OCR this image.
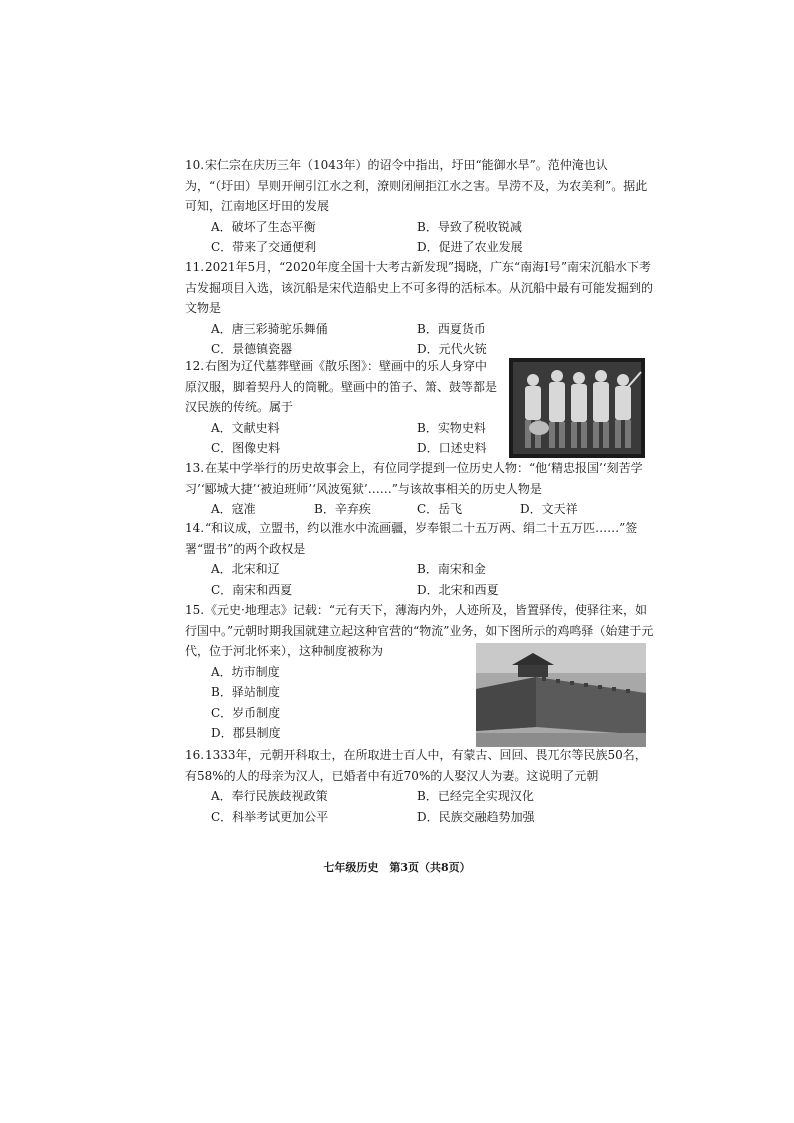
10.宋仁宗在庆历三年（1043年）的诏令中指出，圩田“能御水旱”。范仲淹也认为，“（圩田）旱则开闸引江水之利，潦则闭闸拒江水之害。旱涝不及，为农美利”。据此可知，江南地区圩田的发展

A．破坏了生态平衡	B．导致了税收锐减
C．带来了交通便利	D．促进了农业发展

11.2021年5月，“2020年度全国十大考古新发现”揭晓，广东“南海Ⅰ号”南宋沉船水下考古发掘项目入选，该沉船是宋代造船史上不可多得的活标本。从沉船中最有可能发掘到的文物是

A．唐三彩骑驼乐舞俑	B．西夏货币
C．景德镇瓷器	D．元代火铳

12.右图为辽代墓葬壁画《散乐图》：壁画中的乐人身穿中原汉服，脚着契丹人的筒靴。壁画中的笛子、箫、鼓等都是汉民族的传统。属于

A．文献史料	B．实物史料
C．图像史料	D．口述史料

13.在某中学举行的历史故事会上，有位同学提到一位历史人物：“他‘精忠报国’‘刻苦学习’‘郾城大捷’‘被迫班师’‘风波冤狱’……”与该故事相关的历史人物是

A．寇准	B．辛弃疾	C．岳飞	D．文天祥

14.“和议成，立盟书，约以淮水中流画疆，岁奉银二十五万两、绢二十五万匹……”签署“盟书”的两个政权是

A．北宋和辽	B．南宋和金
C．南宋和西夏	D．北宋和西夏

15.《元史·地理志》记载：“元有天下，薄海内外，人迹所及，皆置驿传，使驿往来，如行国中。”元朝时期我国就建立起这种官营的“物流”业务，如下图所示的鸡鸣驿（始建于元代，位于河北怀来），这种制度被称为

A．坊市制度
B．驿站制度
C．岁币制度
D．郡县制度

16.1333年，元朝开科取士，在所取进士百人中，有蒙古、回回、畏兀尔等民族50名，有58%的人的母亲为汉人，已婚者中有近70%的人娶汉人为妻。这说明了元朝

A．奉行民族歧视政策	B．已经完全实现汉化
C．科举考试更加公平	D．民族交融趋势加强
七年级历史　第3页（共8页）
